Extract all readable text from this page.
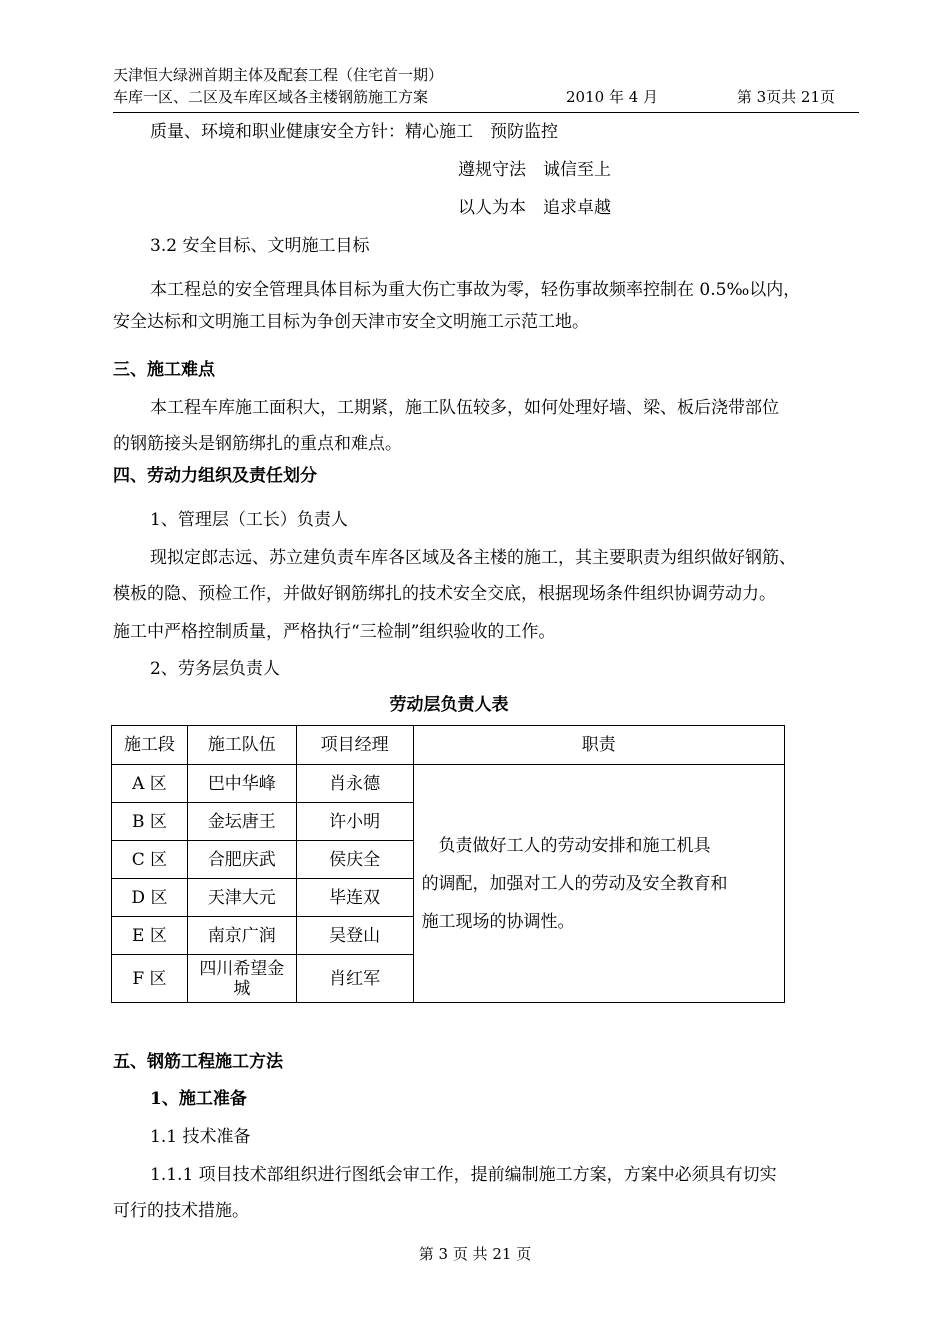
天津恒大绿洲首期主体及配套工程（住宅首一期）
车库一区、二区及车库区域各主楼钢筋施工方案	2010 年 4 月	第 3页共 21页
质量、环境和职业健康安全方针：精心施工　预防监控
遵规守法　诚信至上
以人为本　追求卓越
3.2 安全目标、文明施工目标
本工程总的安全管理具体目标为重大伤亡事故为零，轻伤事故频率控制在 0.5‰以内，
安全达标和文明施工目标为争创天津市安全文明施工示范工地。
三、施工难点
本工程车库施工面积大，工期紧，施工队伍较多，如何处理好墙、梁、板后浇带部位
的钢筋接头是钢筋绑扎的重点和难点。
四、劳动力组织及责任划分
1、管理层（工长）负责人
现拟定郎志远、苏立建负责车库各区域及各主楼的施工，其主要职责为组织做好钢筋、
模板的隐、预检工作，并做好钢筋绑扎的技术安全交底，根据现场条件组织协调劳动力。
施工中严格控制质量，严格执行“三检制”组织验收的工作。
2、劳务层负责人
劳动层负责人表
施工段	施工队伍	项目经理	职责
A 区	巴中华峰	肖永德	　负责做好工人的劳动安排和施工机具
的调配，加强对工人的劳动及安全教育和
施工现场的协调性。

B 区	金坛唐王	许小明	
C 区	合肥庆武	侯庆全	
D 区	天津大元	毕连双	
E 区	南京广润	吴登山	
F 区	四川希望金城	肖红军	
五、钢筋工程施工方法
1、施工准备
1.1 技术准备
1.1.1 项目技术部组织进行图纸会审工作，提前编制施工方案，方案中必须具有切实
可行的技术措施。
第 3 页 共 21 页
